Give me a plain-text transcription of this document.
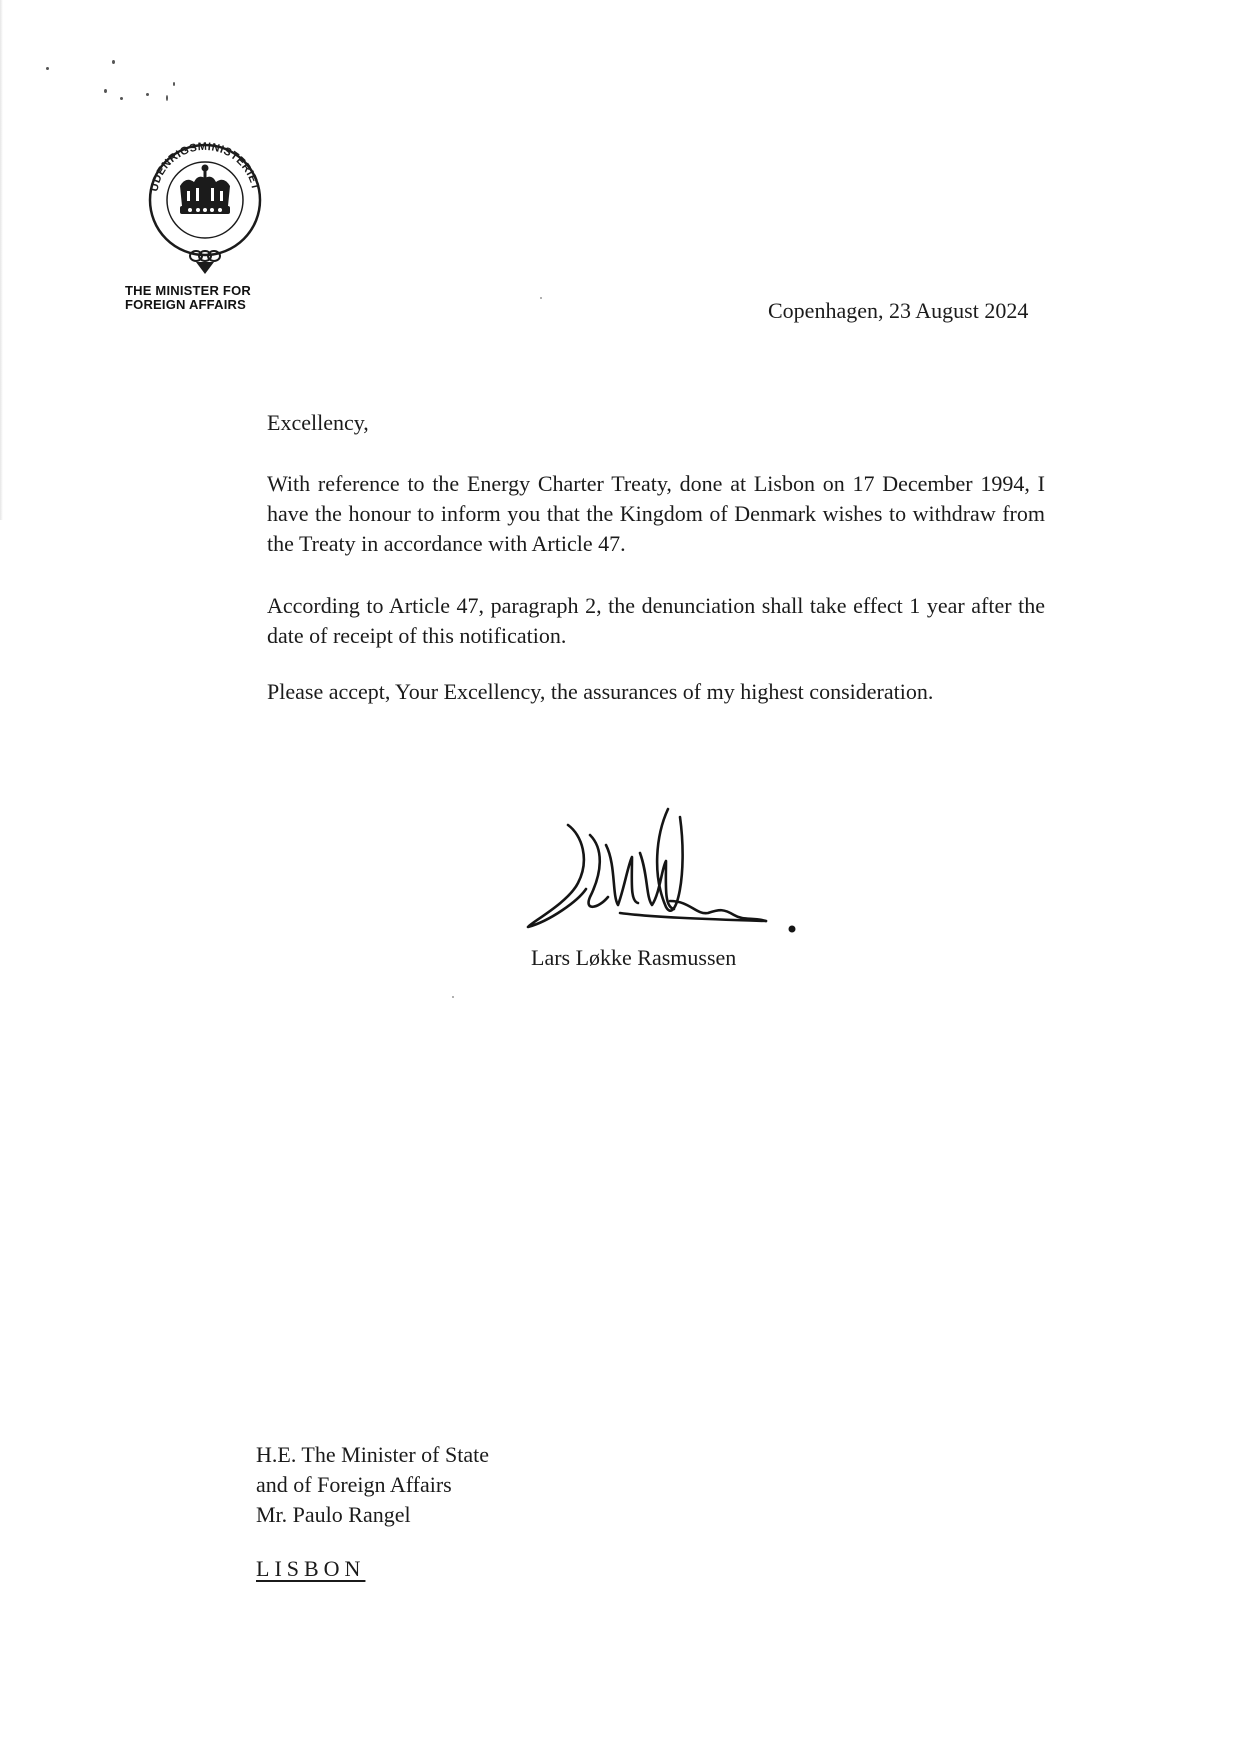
UDENRIGSMINISTERIET
THE MINISTER FOR
FOREIGN AFFAIRS	Copenhagen, 23 August 2024

Excellency,

With reference to the Energy Charter Treaty, done at Lisbon on 17 December 1994, I have the honour to inform you that the Kingdom of Denmark wishes to withdraw from the Treaty in accordance with Article 47.

According to Article 47, paragraph 2, the denunciation shall take effect 1 year after the date of receipt of this notification.

Please accept, Your Excellency, the assurances of my highest consideration.

Lars Løkke Rasmussen
H.E. The Minister of State
and of Foreign Affairs
Mr. Paulo Rangel
LISBON
